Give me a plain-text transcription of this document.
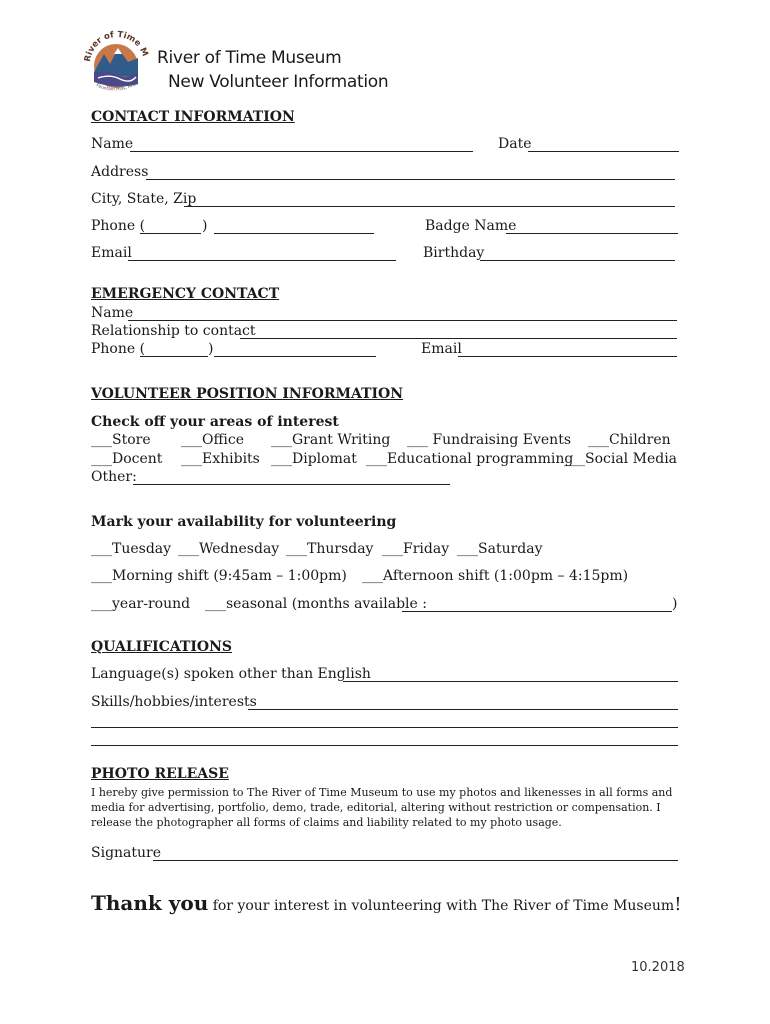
River of Time M
Fountain Hills, Arizo
River of Time Museum
New Volunteer Information
CONTACT INFORMATION
Name	Date
Address
City, State, Zip
Phone (	)	Badge Name
Email	Birthday
EMERGENCY CONTACT
Name
Relationship to contact
Phone (	)	Email
VOLUNTEER POSITION INFORMATION
Check off your areas of interest
___Store ___Office ___Grant Writing ___ Fundraising Events ___Children
___Docent ___Exhibits ___Diplomat ___Educational programming
___Social Media
Other:
Mark your availability for volunteering
___Tuesday ___Wednesday ___Thursday ___Friday ___Saturday
___Morning shift (9:45am – 1:00pm) ___Afternoon shift (1:00pm – 4:15pm)
___year-round ___seasonal (months available :	)
QUALIFICATIONS
Language(s) spoken other than English
Skills/hobbies/interests
PHOTO RELEASE
I hereby give permission to The River of Time Museum to use my photos and likenesses in all forms and media for advertising, portfolio, demo, trade, editorial, altering without restriction or compensation. I release the photographer all forms of claims and liability related to my photo usage.
Signature
Thank you for your interest in volunteering with The River of Time Museum!
10.2018
